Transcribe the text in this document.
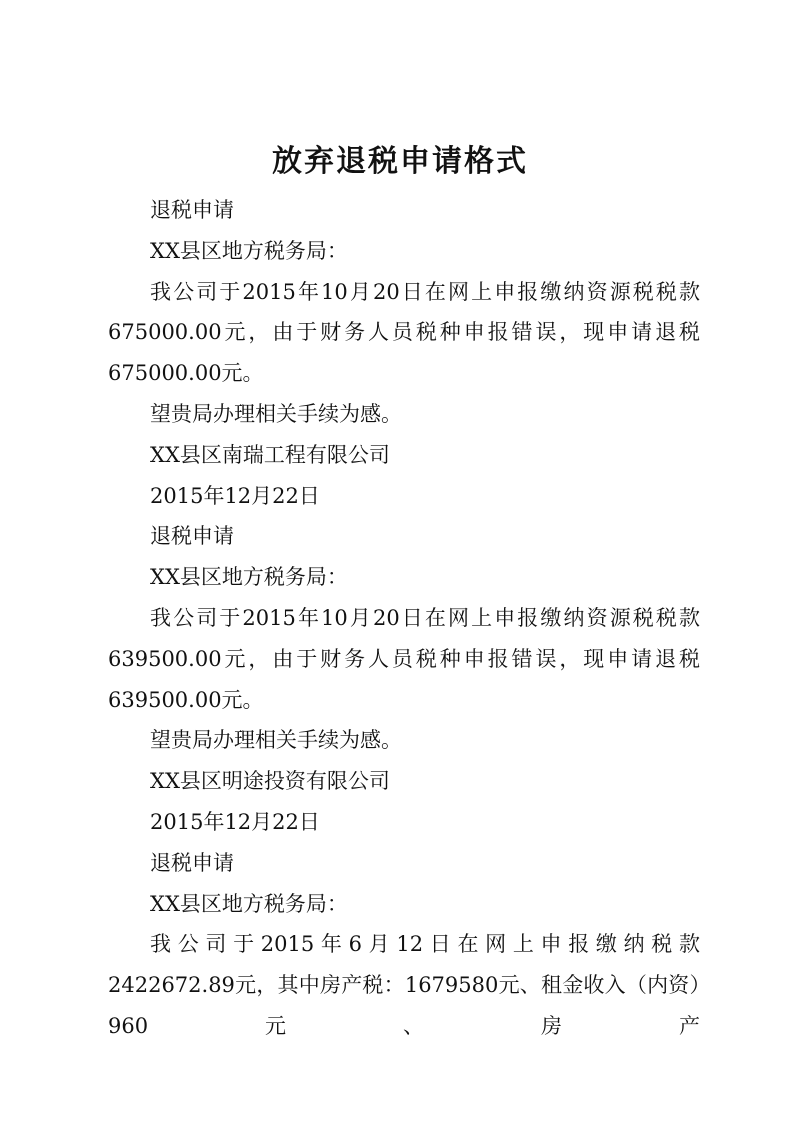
放弃退税申请格式
退税申请
XX县区地方税务局：
我公司于2015年10月20日在网上申报缴纳资源税税款675000.00元，由于财务人员税种申报错误，现申请退税675000.00元。
望贵局办理相关手续为感。
XX县区南瑞工程有限公司
2015年12月22日
退税申请
XX县区地方税务局：
我公司于2015年10月20日在网上申报缴纳资源税税款639500.00元，由于财务人员税种申报错误，现申请退税639500.00元。
望贵局办理相关手续为感。
XX县区明途投资有限公司
2015年12月22日
退税申请
XX县区地方税务局：
我公司于2015年6月12日在网上申报缴纳税款2422672.89元，其中房产税：1679580元、租金收入（内资）960元、房产
